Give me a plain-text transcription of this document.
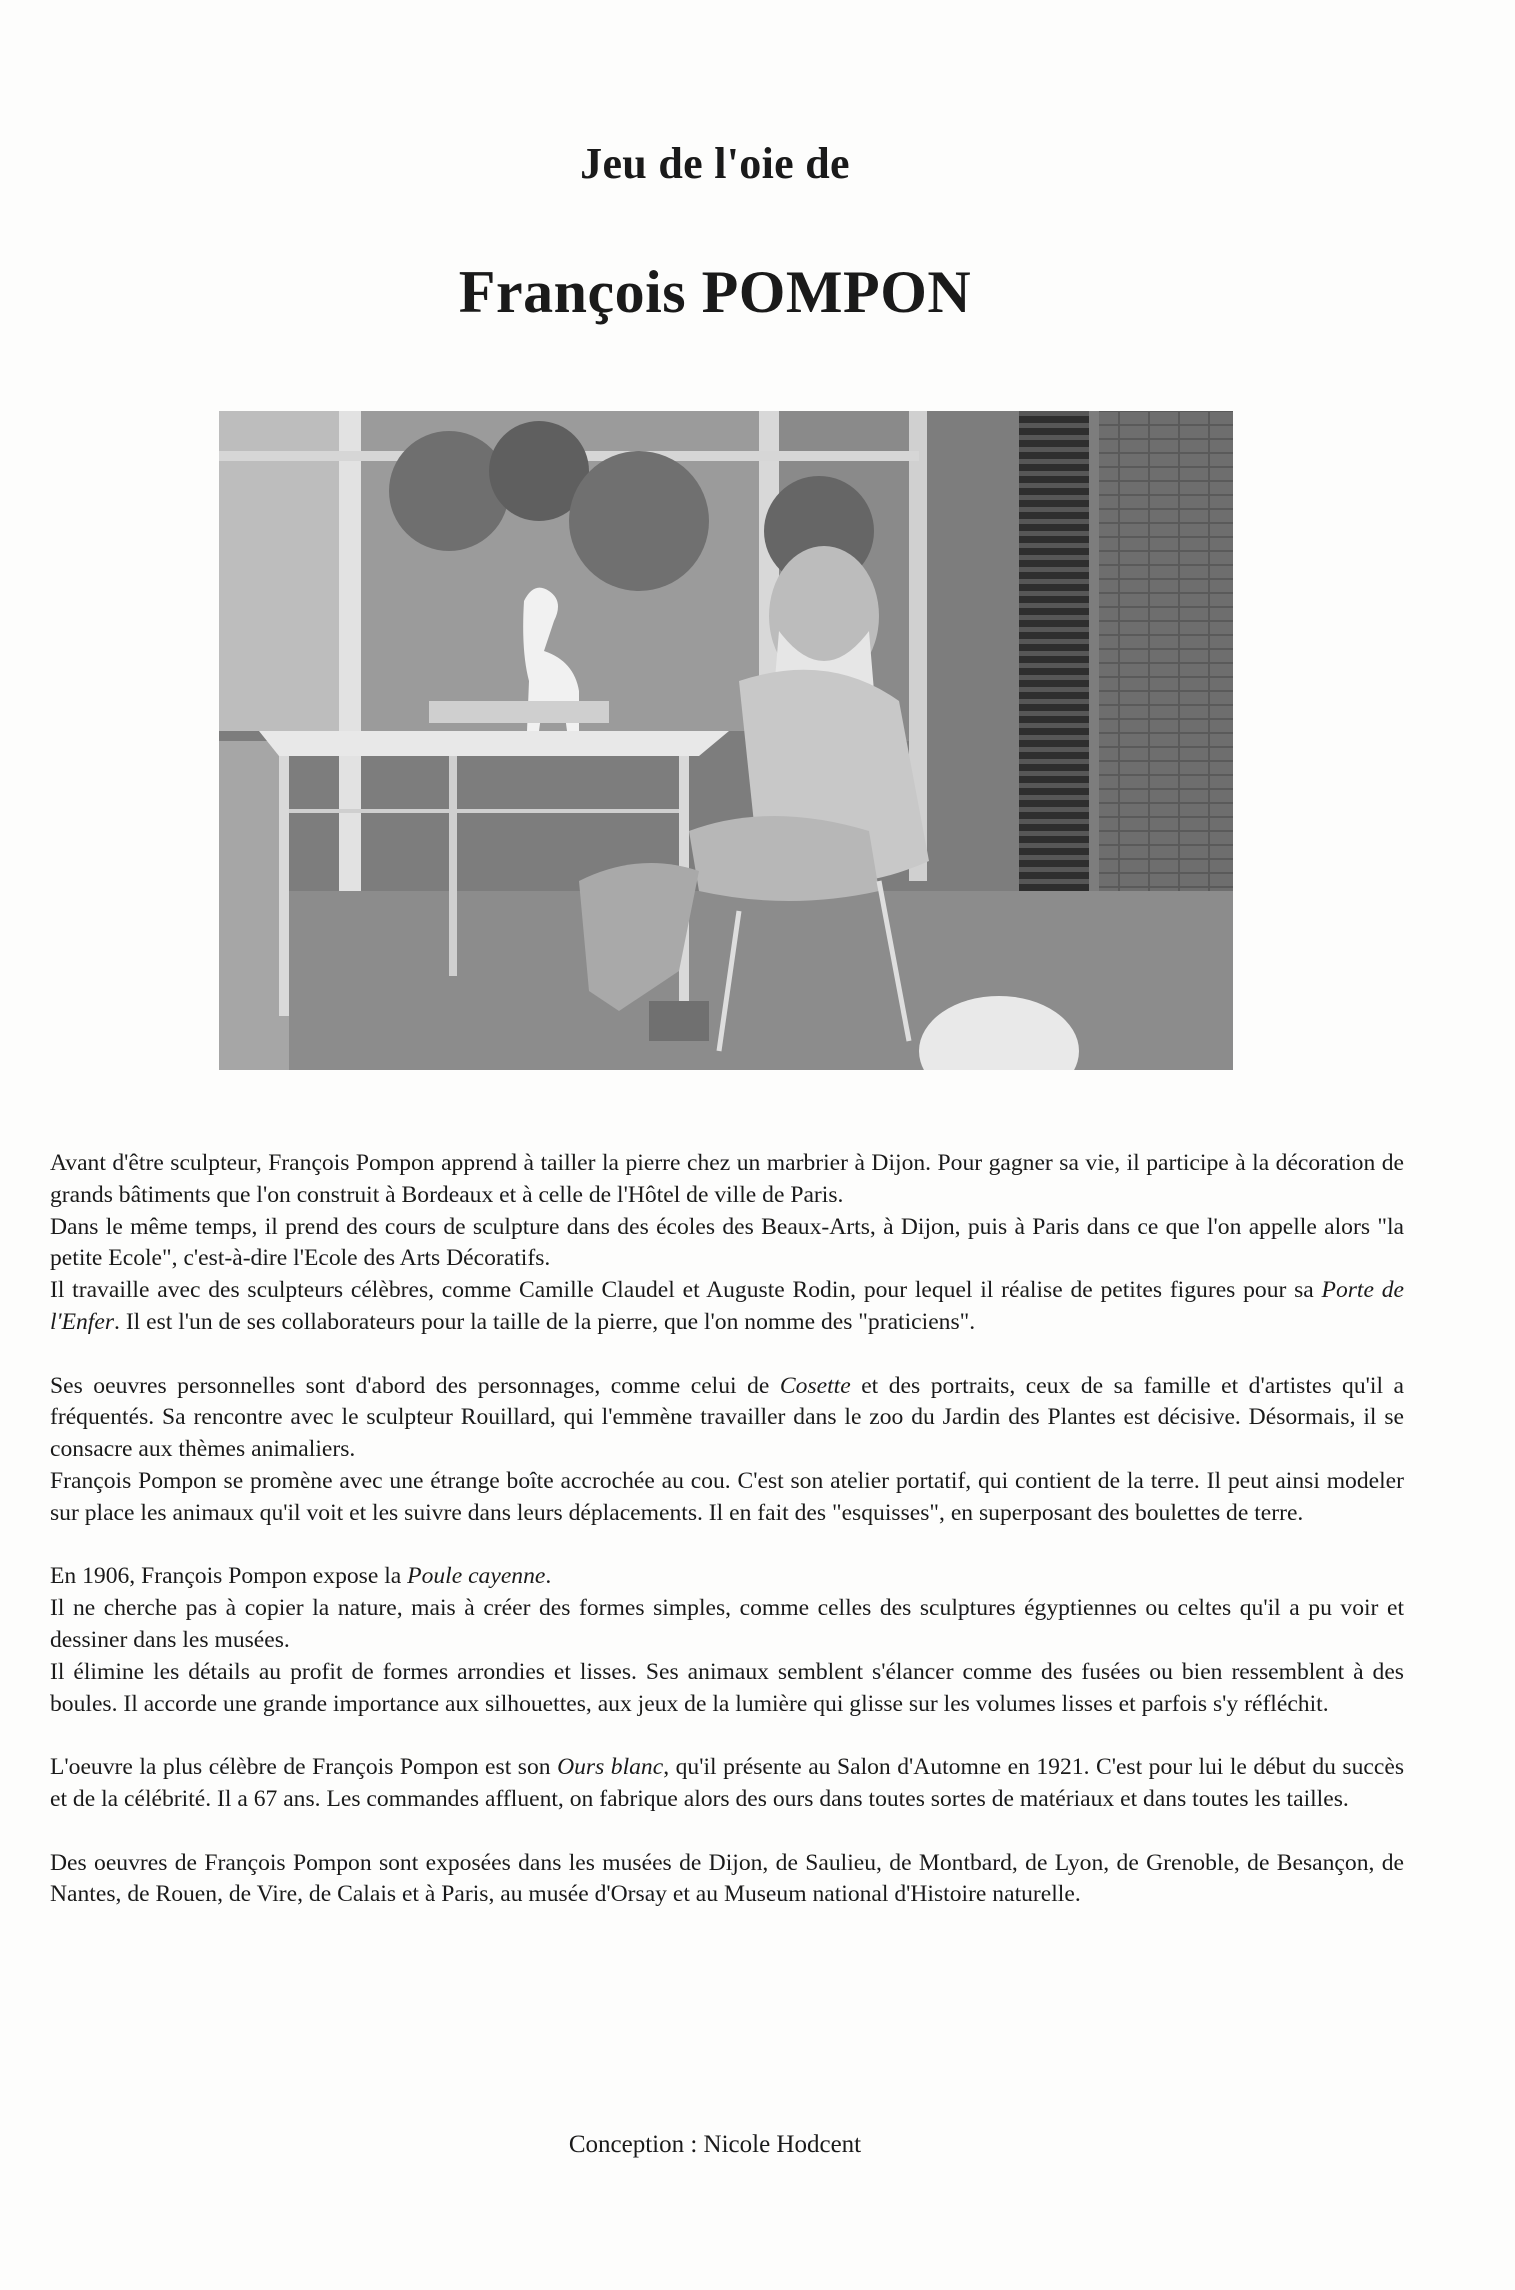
Jeu de l'oie de
François POMPON

Avant d'être sculpteur, François Pompon apprend à tailler la pierre chez un marbrier à Dijon. Pour gagner sa vie, il participe à la décoration de grands bâtiments que l'on construit à Bordeaux et à celle de l'Hôtel de ville de Paris.
Dans le même temps, il prend des cours de sculpture dans des écoles des Beaux-Arts, à Dijon, puis à Paris dans ce que l'on appelle alors "la petite Ecole", c'est-à-dire l'Ecole des Arts Décoratifs.
Il travaille avec des sculpteurs célèbres, comme Camille Claudel et Auguste Rodin, pour lequel il réalise de petites figures pour sa Porte de l'Enfer. Il est l'un de ses collaborateurs pour la taille de la pierre, que l'on nomme des "praticiens".

Ses oeuvres personnelles sont d'abord des personnages, comme celui de Cosette et des portraits, ceux de sa famille et d'artistes qu'il a fréquentés. Sa rencontre avec le sculpteur Rouillard, qui l'emmène travailler dans le zoo du Jardin des Plantes est décisive. Désormais, il se consacre aux thèmes animaliers.
François Pompon se promène avec une étrange boîte accrochée au cou. C'est son atelier portatif, qui contient de la terre. Il peut ainsi modeler sur place les animaux qu'il voit et les suivre dans leurs déplacements. Il en fait des "esquisses", en superposant des boulettes de terre.

En 1906, François Pompon expose la Poule cayenne.
Il ne cherche pas à copier la nature, mais à créer des formes simples, comme celles des sculptures égyptiennes ou celtes qu'il a pu voir et dessiner dans les musées.
Il élimine les détails au profit de formes arrondies et lisses. Ses animaux semblent s'élancer comme des fusées ou bien ressemblent à des boules. Il accorde une grande importance aux silhouettes, aux jeux de la lumière qui glisse sur les volumes lisses et parfois s'y réfléchit.

L'oeuvre la plus célèbre de François Pompon est son Ours blanc, qu'il présente au Salon d'Automne en 1921. C'est pour lui le début du succès et de la célébrité. Il a 67 ans. Les commandes affluent, on fabrique alors des ours dans toutes sortes de matériaux et dans toutes les tailles.

Des oeuvres de François Pompon sont exposées dans les musées de Dijon, de Saulieu, de Montbard, de Lyon, de Grenoble, de Besançon, de Nantes, de Rouen, de Vire, de Calais et à Paris, au musée d'Orsay et au Museum national d'Histoire naturelle.

Conception : Nicole Hodcent
